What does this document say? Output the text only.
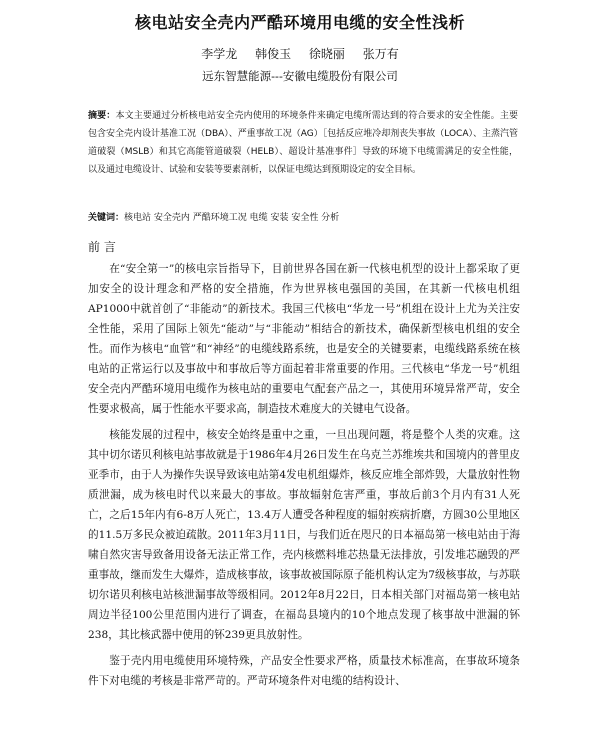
核电站安全壳内严酷环境用电缆的安全性浅析
李学龙 韩俊玉 徐晓丽 张万有
远东智慧能源---安徽电缆股份有限公司
摘要：本文主要通过分析核电站安全壳内使用的环境条件来确定电缆所需达到的符合要求的安全性能。主要包含安全壳内设计基准工况（DBA）、严重事故工况（AG）［包括反应堆冷却剂丧失事故（LOCA）、主蒸汽管道破裂（MSLB）和其它高能管道破裂（HELB）、超设计基准事件］导致的环境下电缆需满足的安全性能，以及通过电缆设计、试验和安装等要素剖析，以保证电缆达到预期设定的安全目标。
关键词：核电站 安全壳内 严酷环境工况 电缆 安装 安全性 分析
前 言

在“安全第一”的核电宗旨指导下，目前世界各国在新一代核电机型的设计上都采取了更加安全的设计理念和严格的安全措施，作为世界核电强国的美国，在其新一代核电机组AP1000中就首创了“非能动”的新技术。我国三代核电“华龙一号”机组在设计上尤为关注安全性能，采用了国际上领先“能动”与“非能动”相结合的新技术，确保新型核电机组的安全性。而作为核电“血管”和“神经”的电缆线路系统，也是安全的关键要素，电缆线路系统在核电站的正常运行以及事故中和事故后等方面起着非常重要的作用。三代核电“华龙一号”机组安全壳内严酷环境用电缆作为核电站的重要电气配套产品之一，其使用环境异常严苛，安全性要求极高，属于性能水平要求高，制造技术难度大的关键电气设备。

核能发展的过程中，核安全始终是重中之重，一旦出现问题，将是整个人类的灾难。这其中切尔诺贝利核电站事故就是于1986年4月26日发生在乌克兰苏维埃共和国境内的普里皮亚季市，由于人为操作失误导致该电站第4发电机组爆炸，核反应堆全部炸毁，大量放射性物质泄漏，成为核电时代以来最大的事故。事故辐射危害严重，事故后前3个月内有31人死亡，之后15年内有6-8万人死亡，13.4万人遭受各种程度的辐射疾病折磨，方圆30公里地区的11.5万多民众被迫疏散。2011年3月11日，与我们近在咫尺的日本福岛第一核电站由于海啸自然灾害导致备用设备无法正常工作，壳内核燃料堆芯热量无法排放，引发堆芯融毁的严重事故，继而发生大爆炸，造成核事故，该事故被国际原子能机构认定为7级核事故，与苏联切尔诺贝利核电站核泄漏事故等级相同。2012年8月22日，日本相关部门对福岛第一核电站周边半径100公里范围内进行了调查，在福岛县境内的10个地点发现了核事故中泄漏的钚238，其比核武器中使用的钚239更具放射性。

鉴于壳内用电缆使用环境特殊，产品安全性要求严格，质量技术标准高，在事故环境条件下对电缆的考核是非常严苛的。严苛环境条件对电缆的结构设计、
